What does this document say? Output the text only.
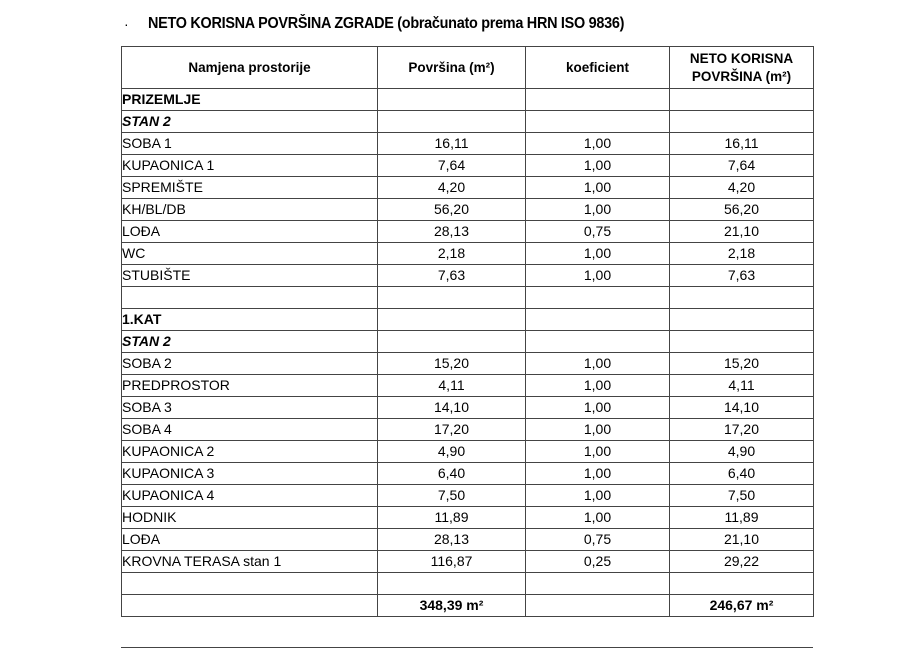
·	NETO KORISNA POVRŠINA ZGRADE (obračunato prema HRN ISO 9836)
Namjena prostorije	Površina (m²)	koeficient	NETO KORISNA
POVRŠINA (m²)
PRIZEMLJE			
STAN 2			
SOBA 1	16,11	1,00	16,11
KUPAONICA 1	7,64	1,00	7,64
SPREMIŠTE	4,20	1,00	4,20
KH/BL/DB	56,20	1,00	56,20
LOĐA	28,13	0,75	21,10
WC	2,18	1,00	2,18
STUBIŠTE	7,63	1,00	7,63

1.KAT			
STAN 2			
SOBA 2	15,20	1,00	15,20
PREDPROSTOR	4,11	1,00	4,11
SOBA 3	14,10	1,00	14,10
SOBA 4	17,20	1,00	17,20
KUPAONICA 2	4,90	1,00	4,90
KUPAONICA 3	6,40	1,00	6,40
KUPAONICA 4	7,50	1,00	7,50
HODNIK	11,89	1,00	11,89
LOĐA	28,13	0,75	21,10
KROVNA TERASA stan 1	116,87	0,25	29,22

	348,39 m²		246,67 m²
